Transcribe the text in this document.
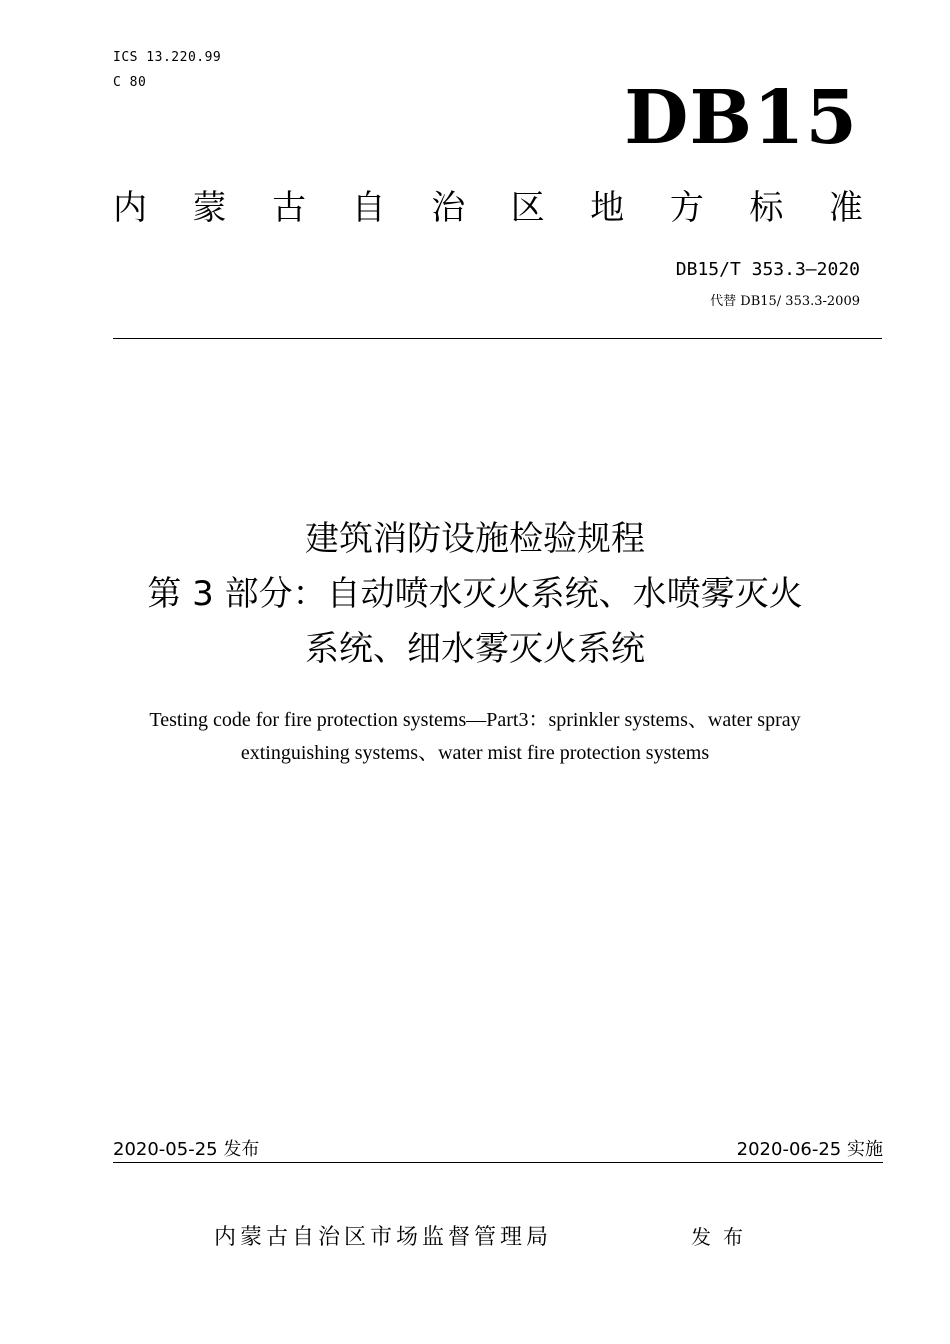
ICS 13.220.99
C 80	DB15
内 蒙 古 自 治 区 地 方 标 准
DB15/T 353.3—2020
代替 DB15/ 353.3-2009
建筑消防设施检验规程
第 3 部分：自动喷水灭火系统、水喷雾灭火
系统、细水雾灭火系统
Testing code for fire protection systems—Part3：sprinkler systems、water spray
extinguishing systems、water mist fire protection systems
2020-05-25 发布	2020-06-25 实施
内蒙古自治区市场监督管理局	发布
